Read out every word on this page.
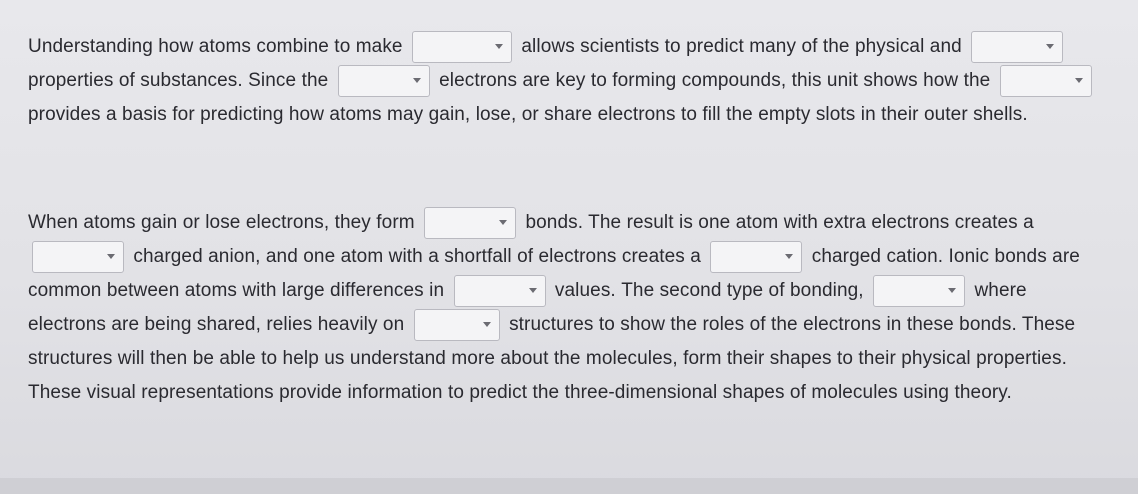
Understanding how atoms combine to make	allows scientists to predict many of the physical and
properties of substances. Since the	electrons are key to forming compounds, this unit shows how the
provides a basis for predicting how atoms may gain, lose, or share electrons to fill the empty slots in their outer shells.
When atoms gain or lose electrons, they form	bonds. The result is one atom with extra electrons creates a
charged anion, and one atom with a shortfall of electrons creates a	charged cation. Ionic bonds are common between atoms with large differences in	values. The second type of bonding,	where electrons are being shared, relies heavily on	structures to show the roles of the electrons in these bonds. These structures will then be able to help us understand more about the molecules, form their shapes to their physical properties. These visual representations provide information to predict the three-dimensional shapes of molecules using theory.
